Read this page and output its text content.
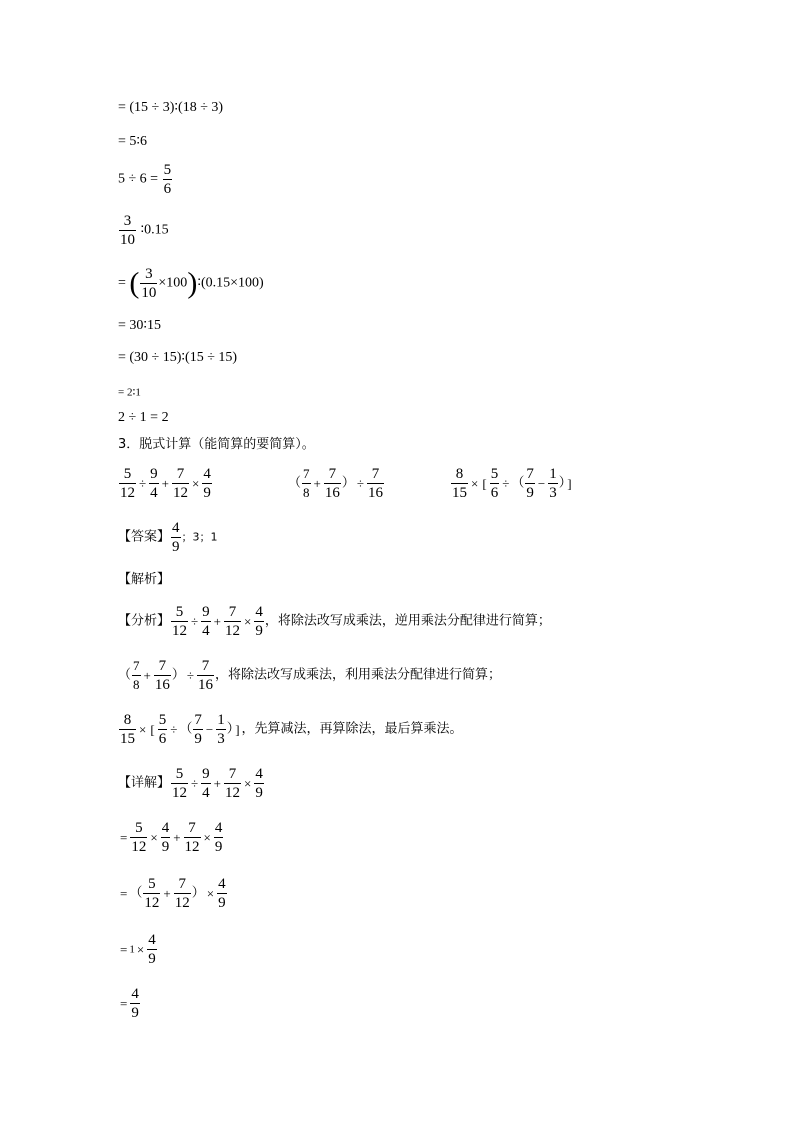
= (15 ÷ 3)∶(18 ÷ 3)
= 5∶6
$5 \div 6 = \frac{5}{6}$
$\frac{3}{10}$ ∶0.15
= ( $\frac{3}{10}$ ×100)∶(0.15×100)
= 30∶15
= (30 ÷ 15)∶(15 ÷ 15)
= 2∶1
2 ÷ 1 = 2
3．脱式计算（能简算的要简算）。
$\frac{5}{12} \div \frac{9}{4} + \frac{7}{12} \times \frac{4}{9}$	（ $\frac{7}{8} + \frac{7}{16}$ ） ÷ $\frac{7}{16}$	$\frac{8}{15}$ × [ $\frac{5}{6}$ ÷ （ $\frac{7}{9} - \frac{1}{3}$ ） ]
【答案】 $\frac{4}{9}$ ；3；1
【解析】
【分析】 $\frac{5}{12} \div \frac{9}{4} + \frac{7}{12} \times \frac{4}{9}$ ，将除法改写成乘法，逆用乘法分配律进行简算；
（ $\frac{7}{8} + \frac{7}{16}$ ） ÷ $\frac{7}{16}$ ，将除法改写成乘法，利用乘法分配律进行简算；
$\frac{8}{15}$ × [ $\frac{5}{6}$ ÷ （ $\frac{7}{9} - \frac{1}{3}$ ） ] ，先算减法，再算除法，最后算乘法。
【详解】 $\frac{5}{12} \div \frac{9}{4} + \frac{7}{12} \times \frac{4}{9}$
= $\frac{5}{12} \times \frac{4}{9} + \frac{7}{12} \times \frac{4}{9}$
= （ $\frac{5}{12} + \frac{7}{12}$ ） × $\frac{4}{9}$
= $1 \times \frac{4}{9}$
= $\frac{4}{9}$
